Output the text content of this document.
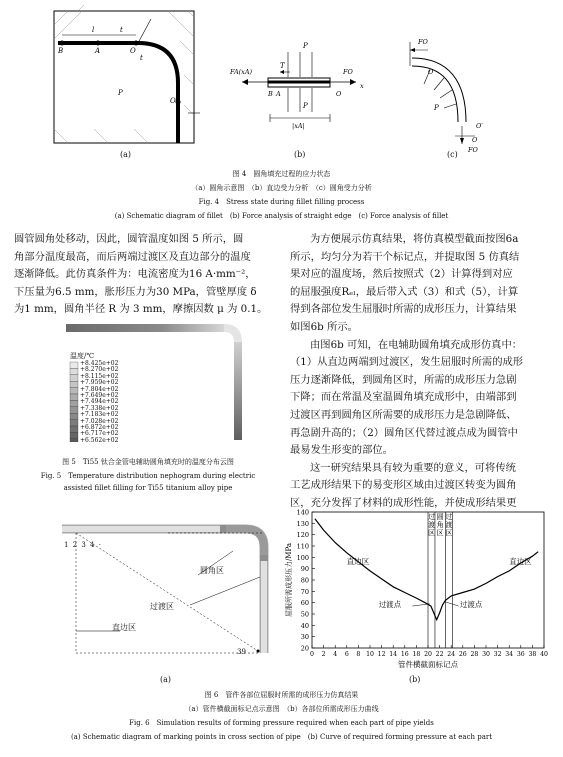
B	A	O
l	t
t
P
O′
(a)
P
T
FA(xA)	FO
B A	O
x
P
|xA|
(b)
FO
O
P
O′
O
FO
(c)
图 4　圆角填充过程的应力状态
（a）圆角示意图　（b）直边受力分析　（c）圆角受力分析
Fig. 4　Stress state during fillet filling process
(a) Schematic diagram of fillet　(b) Force analysis of straight edge　(c) Force analysis of fillet
圆管圆角处移动，因此，圆管温度如图 5 所示，圆
角部分温度最高，而后两端过渡区及直边部分的温度
逐渐降低。此仿真条件为：电流密度为16 A·mm⁻²，
下压量为6.5 mm，胀形压力为30 MPa，管壁厚度 δ
为1 mm，圆角半径 R 为 3 mm，摩擦因数 μ 为 0.1。
为方便展示仿真结果，将仿真模型截面按图6a
所示，均匀分为若干个标记点，并提取图 5 仿真结
果对应的温度场，然后按照式（2）计算得到对应
的屈服强度Rₑₗ，最后带入式（3）和式（5），计算
得到各部位发生屈服时所需的成形压力，计算结果
如图6b 所示。
由图6b 可知，在电辅助圆角填充成形仿真中：
（1）从直边两端到过渡区，发生屈服时所需的成形
压力逐渐降低，到圆角区时，所需的成形压力急剧
下降；而在常温及室温圆角填充成形中，由端部到
过渡区再到圆角区所需要的成形压力是急剧降低、
再急剧升高的；（2）圆角区代替过渡点成为圆管中
最易发生形变的部位。
这一研究结果具有较为重要的意义，可将传统
工艺成形结果下的易变形区域由过渡区转变为圆角
区，充分发挥了材料的成形性能，并使成形结果更
温度/℃
+8.425e+02
+8.270e+02
+8.115e+02
+7.959e+02
+7.804e+02
+7.649e+02
+7.494e+02
+7.338e+02
+7.183e+02
+7.028e+02
+6.872e+02
+6.717e+02
+6.562e+02
图 5　Ti55 钛合金管电辅助圆角填充时的温度分布云图
Fig. 5　Temperature distribution nephogram during electric
assisted fillet filling for Ti55 titanium alloy pipe
1 2 3 4 ·
圆角区
过渡区
直边区
39
(a)
20
30
40
50
60
70
80
90
100
110
120
130
140
0 2 4 6 8 10 12 14 16 18 20 22 24 26 28 30 32 34 36 38 40
管件横截面标记点
屈服所需成形压力/MPa	直边区	直边区
过
渡
区
圆
角
区
过
渡
区
过渡点	过渡点
(b)
图 6　管件各部位屈服时所需的成形压力仿真结果
（a）管件横截面标记点示意图　（b）各部位所需成形压力曲线
Fig. 6　Simulation results of forming pressure required when each part of pipe yields
(a) Schematic diagram of marking points in cross section of pipe　(b) Curve of required forming pressure at each part
